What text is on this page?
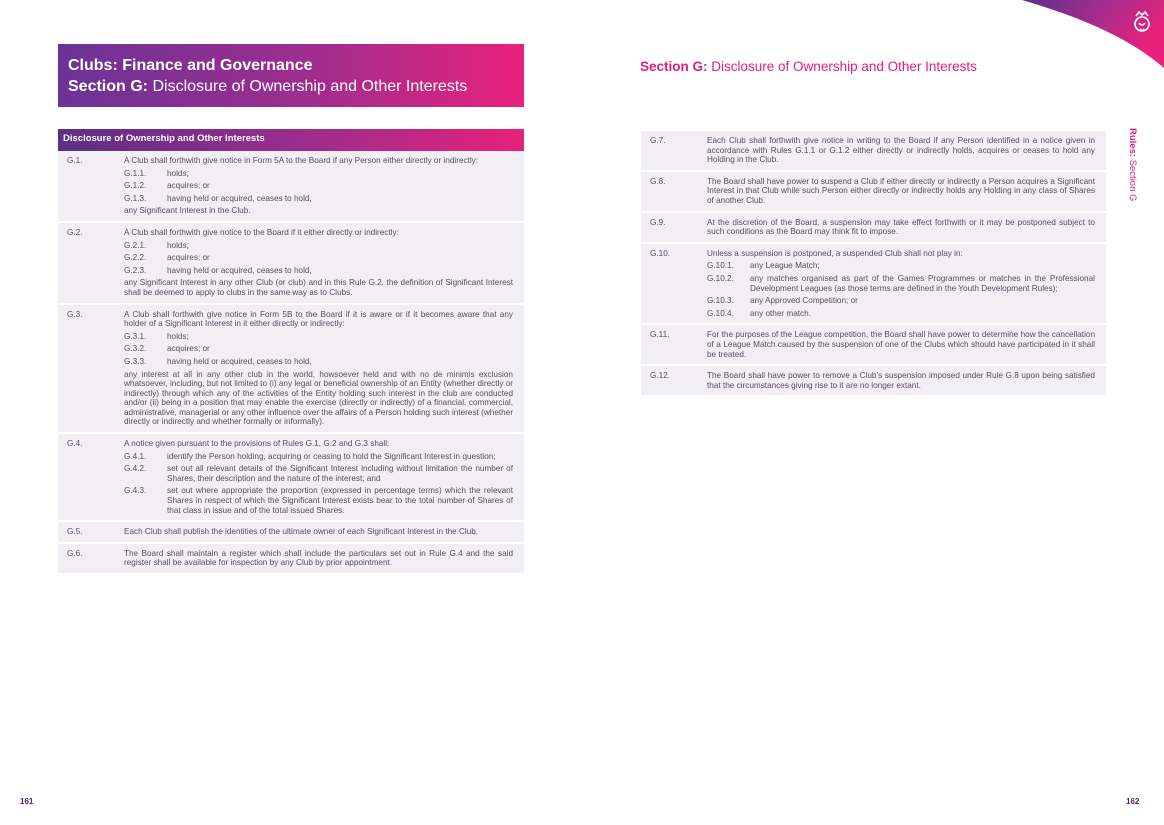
Clubs: Finance and Governance
Section G: Disclosure of Ownership and Other Interests
Disclosure of Ownership and Other Interests
G.1.	A Club shall forthwith give notice in Form 5A to the Board if any Person either directly or indirectly:
G.1.1.	holds;
G.1.2.	acquires; or
G.1.3.	having held or acquired, ceases to hold,
any Significant Interest in the Club.
G.2.	A Club shall forthwith give notice to the Board if it either directly or indirectly:
G.2.1.	holds;
G.2.2.	acquires; or
G.2.3.	having held or acquired, ceases to hold,
any Significant Interest in any other Club (or club) and in this Rule G.2, the definition of Significant Interest shall be deemed to apply to clubs in the same way as to Clubs.
G.3.	A Club shall forthwith give notice in Form 5B to the Board if it is aware or if it becomes aware that any holder of a Significant Interest in it either directly or indirectly:
G.3.1.	holds;
G.3.2.	acquires; or
G.3.3.	having held or acquired, ceases to hold,
any interest at all in any other club in the world, howsoever held and with no de minimis exclusion whatsoever, including, but not limited to (i) any legal or beneficial ownership of an Entity (whether directly or indirectly) through which any of the activities of the Entity holding such interest in the club are conducted and/or (ii) being in a position that may enable the exercise (directly or indirectly) of a financial, commercial, administrative, managerial or any other influence over the affairs of a Person holding such interest (whether directly or indirectly and whether formally or informally).
G.4.	A notice given pursuant to the provisions of Rules G.1, G.2 and G.3 shall:
G.4.1.	identify the Person holding, acquiring or ceasing to hold the Significant Interest in question;
G.4.2.	set out all relevant details of the Significant Interest including without limitation the number of Shares, their description and the nature of the interest; and
G.4.3.	set out where appropriate the proportion (expressed in percentage terms) which the relevant Shares in respect of which the Significant Interest exists bear to the total number of Shares of that class in issue and of the total issued Shares.
G.5.	Each Club shall publish the identities of the ultimate owner of each Significant Interest in the Club.
G.6.	The Board shall maintain a register which shall include the particulars set out in Rule G.4 and the said register shall be available for inspection by any Club by prior appointment.
161
Section G: Disclosure of Ownership and Other Interests
G.7.	Each Club shall forthwith give notice in writing to the Board if any Person identified in a notice given in accordance with Rules G.1.1 or G.1.2 either directly or indirectly holds, acquires or ceases to hold any Holding in the Club.
G.8.	The Board shall have power to suspend a Club if either directly or indirectly a Person acquires a Significant Interest in that Club while such Person either directly or indirectly holds any Holding in any class of Shares of another Club.
G.9.	At the discretion of the Board, a suspension may take effect forthwith or it may be postponed subject to such conditions as the Board may think fit to impose.
G.10.	Unless a suspension is postponed, a suspended Club shall not play in:
G.10.1.	any League Match;
G.10.2.	any matches organised as part of the Games Programmes or matches in the Professional Development Leagues (as those terms are defined in the Youth Development Rules);
G.10.3.	any Approved Competition; or
G.10.4.	any other match.
G.11.	For the purposes of the League competition, the Board shall have power to determine how the cancellation of a League Match caused by the suspension of one of the Clubs which should have participated in it shall be treated.
G.12.	The Board shall have power to remove a Club’s suspension imposed under Rule G.8 upon being satisfied that the circumstances giving rise to it are no longer extant.
Rules: Section G
162
